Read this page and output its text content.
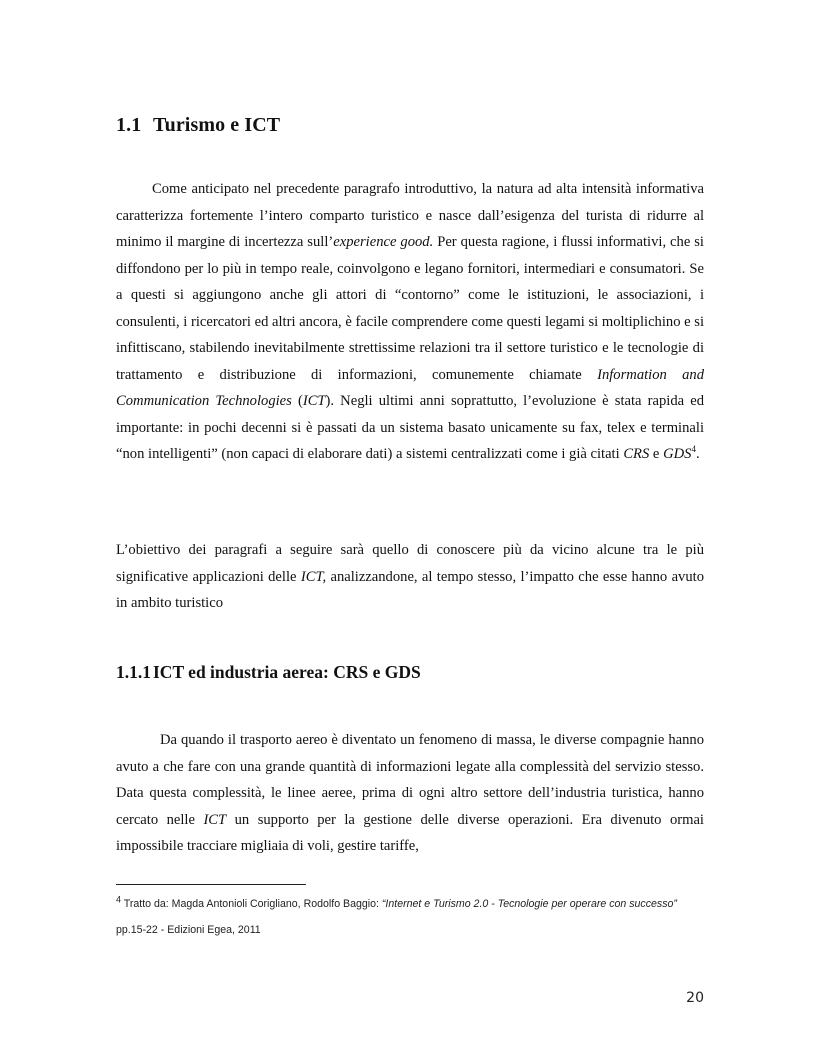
1.1 Turismo e ICT

Come anticipato nel precedente paragrafo introduttivo, la natura ad alta intensità informativa caratterizza fortemente l’intero comparto turistico e nasce dall’esigenza del turista di ridurre al minimo il margine di incertezza sull’experience good. Per questa ragione, i flussi informativi, che si diffondono per lo più in tempo reale, coinvolgono e legano fornitori, intermediari e consumatori. Se a questi si aggiungono anche gli attori di “contorno” come le istituzioni, le associazioni, i consulenti, i ricercatori ed altri ancora, è facile comprendere come questi legami si moltiplichino e si infittiscano, stabilendo inevitabilmente strettissime relazioni tra il settore turistico e le tecnologie di trattamento e distribuzione di informazioni, comunemente chiamate Information and Communication Technologies (ICT). Negli ultimi anni soprattutto, l’evoluzione è stata rapida ed importante: in pochi decenni si è passati da un sistema basato unicamente su fax, telex e terminali “non intelligenti” (non capaci di elaborare dati) a sistemi centralizzati come i già citati CRS e GDS$^4$.

L’obiettivo dei paragrafi a seguire sarà quello di conoscere più da vicino alcune tra le più significative applicazioni delle ICT, analizzandone, al tempo stesso, l’impatto che esse hanno avuto in ambito turistico

1.1.1 ICT ed industria aerea: CRS e GDS

Da quando il trasporto aereo è diventato un fenomeno di massa, le diverse compagnie hanno avuto a che fare con una grande quantità di informazioni legate alla complessità del servizio stesso. Data questa complessità, le linee aeree, prima di ogni altro settore dell’industria turistica, hanno cercato nelle ICT un supporto per la gestione delle diverse operazioni. Era divenuto ormai impossibile tracciare migliaia di voli, gestire tariffe,

$^4$ Tratto da: Magda Antonioli Corigliano, Rodolfo Baggio: “Internet e Turismo 2.0 - Tecnologie per operare con successo” pp.15-22 - Edizioni Egea, 2011
20
